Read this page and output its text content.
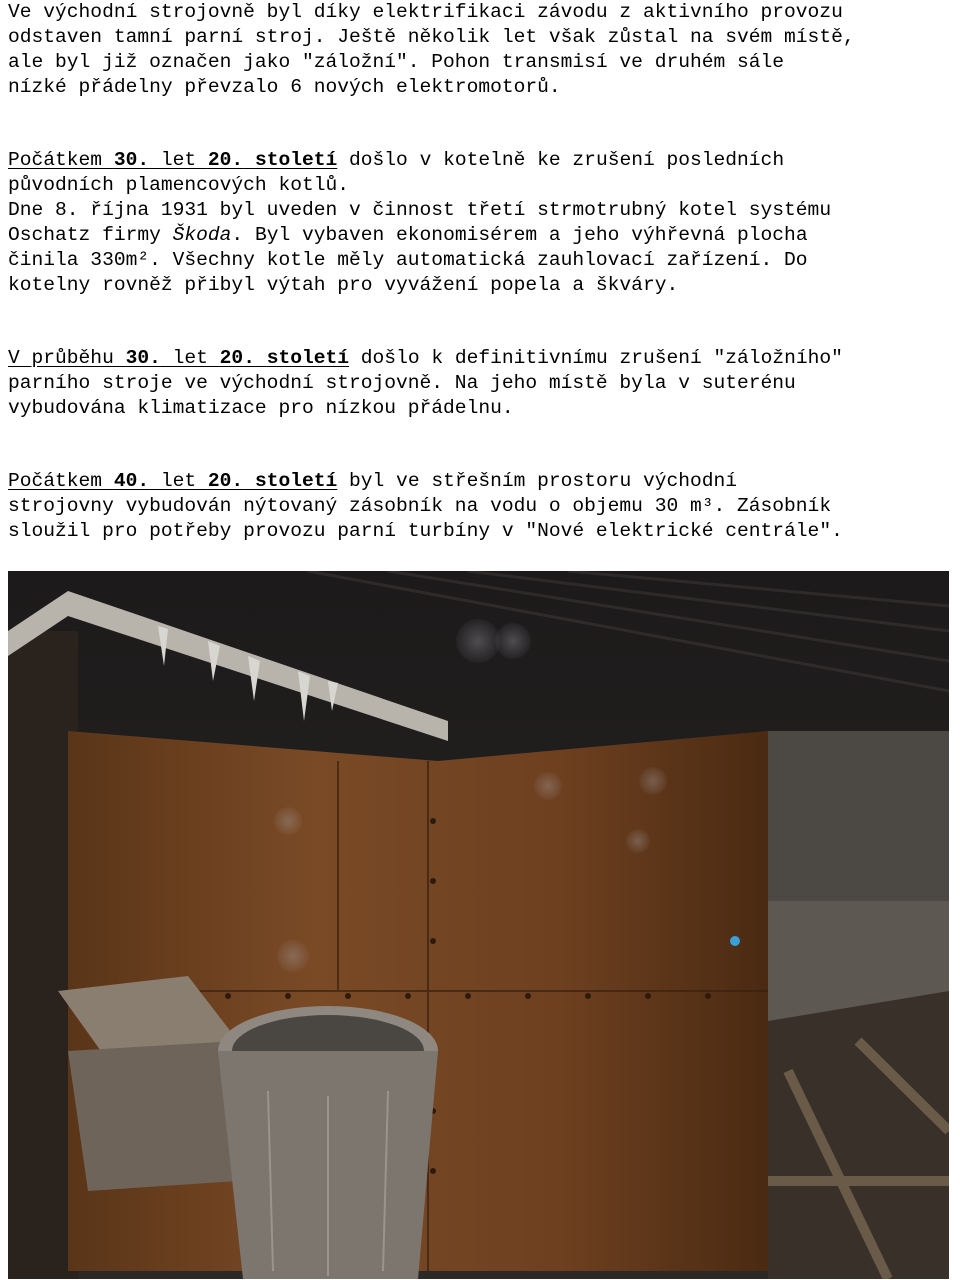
Ve východní strojovně byl díky elektrifikaci závodu z aktivního provozu

odstaven tamní parní stroj. Ještě několik let však zůstal na svém místě,

ale byl již označen jako "záložní". Pohon transmisí ve druhém sále

nízké přádelny převzalo 6 nových elektromotorů.

Počátkem 30. let 20. století došlo v kotelně ke zrušení posledních

původních plamencových kotlů.

Dne 8. října 1931 byl uveden v činnost třetí strmotrubný kotel systému

Oschatz firmy Škoda. Byl vybaven ekonomisérem a jeho výhřevná plocha

činila 330m². Všechny kotle měly automatická zauhlovací zařízení. Do

kotelny rovněž přibyl výtah pro vyvážení popela a škváry.

V průběhu 30. let 20. století došlo k definitivnímu zrušení "záložního"

parního stroje ve východní strojovně. Na jeho místě byla v suterénu

vybudována klimatizace pro nízkou přádelnu.

Počátkem 40. let 20. století byl ve střešním prostoru východní

strojovny vybudován nýtovaný zásobník na vodu o objemu 30 m³. Zásobník

sloužil pro potřeby provozu parní turbíny v "Nové elektrické centrále".
